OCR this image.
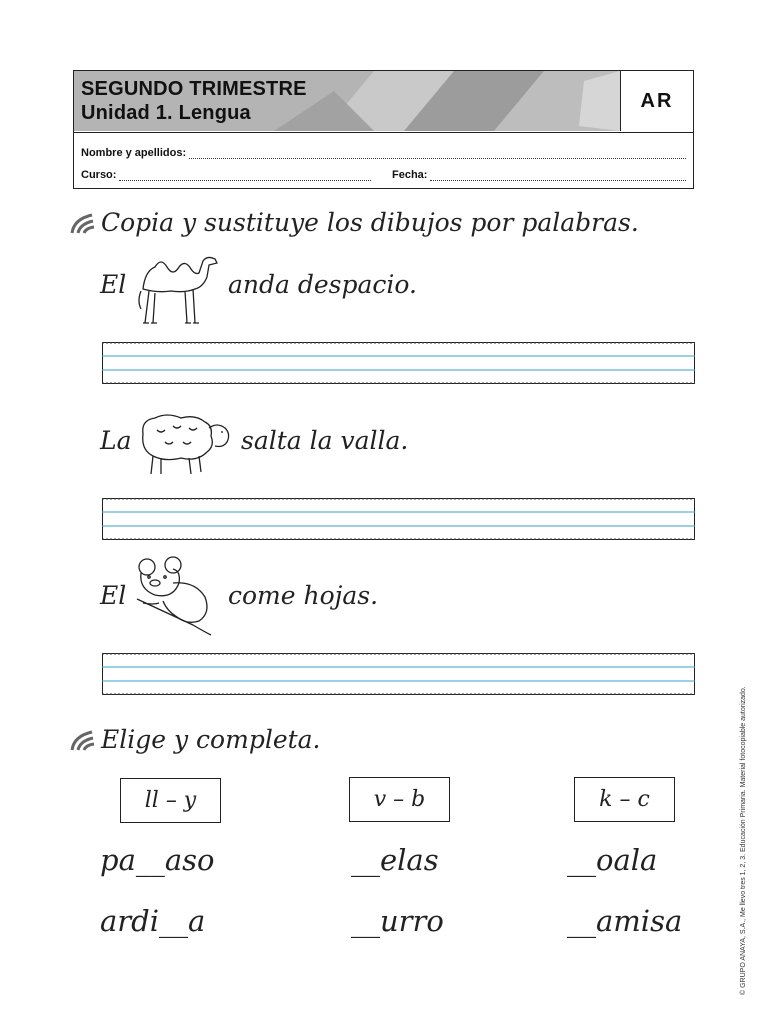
SEGUNDO TRIMESTRE
Unidad 1. Lengua
AR
Nombre y apellidos:
Curso:	Fecha:
Copia y sustituye los dibujos por palabras.
El	anda despacio.
La	salta la valla.
El	come hojas.
Elige y completa.
ll – y	v – b	k – c
pa__aso	__elas	__oala
ardi__a	__urro	__amisa	© GRUPO ANAYA, S.A., Me llevo tres 1, 2, 3. Educación Primaria. Material fotocopiable autorizado.
